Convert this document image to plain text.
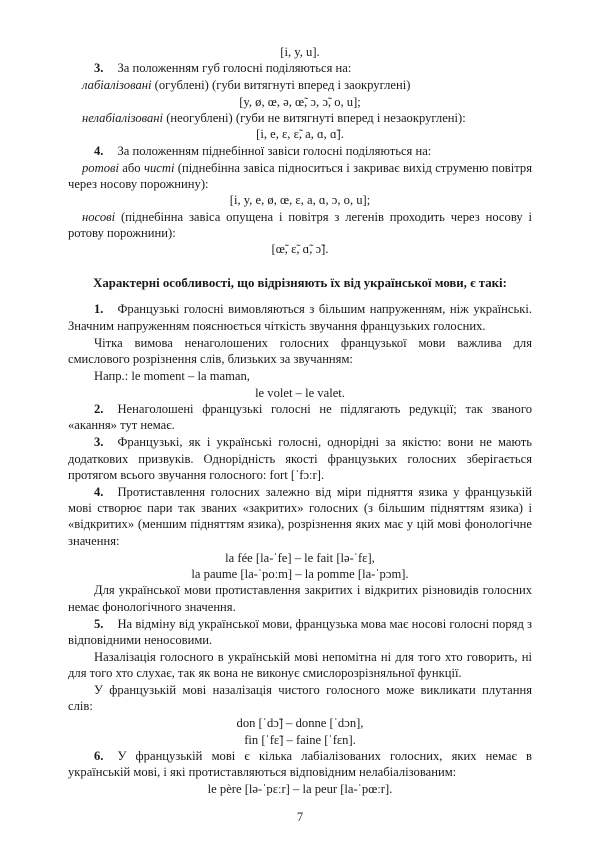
[i, y, u].

3. За положенням губ голосні поділяються на:

лабіалізовані (огублені) (губи витягнуті вперед і заокруглені)

[y, ø, œ, ə, œ̃, ɔ, ɔ̃, o, u];

нелабіалізовані (неогублені) (губи не витягнуті вперед і незаокруглені):

[i, e, ɛ, ɛ̃, a, ɑ, ɑ̃].

4. За положенням піднебінної завіси голосні поділяються на:

ротові або чисті (піднебінна завіса підноситься і закриває вихід струменю повітря через носову порожнину):

[i, y, e, ø, œ, ɛ, a, ɑ, ɔ, o, u];

носові (піднебінна завіса опущена і повітря з легенів проходить через носову і ротову порожнини):

[œ̃, ɛ̃, ɑ̃, ɔ̃].

Характерні особливості, що відрізняють їх від української мови, є такі:

1. Французькі голосні вимовляються з більшим напруженням, ніж українські. Значним напруженням пояснюється чіткість звучання французьких голосних.

Чітка вимова ненаголошених голосних французької мови важлива для смислового розрізнення слів, близьких за звучанням:

Напр.: le moment – la maman,

le volet – le valet.

2. Ненаголошені французькі голосні не підлягають редукції; так званого «акання» тут немає.

3. Французькі, як і українські голосні, однорідні за якістю: вони не мають додаткових призвуків. Однорідність якості французьких голосних зберігається протягом всього звучання голосного: fort [ˈfɔːr].

4. Протиставлення голосних залежно від міри підняття язика у французькій мові створює пари так званих «закритих» голосних (з більшим підняттям язика) і «відкритих» (меншим підняттям язика), розрізнення яких має у цій мові фонологічне значення:

la fée [la-ˈfe] – le fait [lə-ˈfɛ],

la paume [la-ˈpoːm] – la pomme [la-ˈpɔm].

Для української мови протиставлення закритих і відкритих різновидів голосних немає фонологічного значення.

5. На відміну від української мови, французька мова має носові голосні поряд з відповідними неносовими.

Назалізація голосного в українській мові непомітна ні для того хто говорить, ні для того хто слухає, так як вона не виконує смислорозрізняльної функції.

У французькій мові назалізація чистого голосного може викликати плутання слів:

don [ˈdɔ̃] – donne [ˈdɔn],

fin [ˈfɛ̃] – faine [ˈfɛn].

6. У французькій мові є кілька лабіалізованих голосних, яких немає в українській мові, і які протиставляються відповідним нелабіалізованим:

le père [lə-ˈpɛːr] – la peur [la-ˈpœːr].

7
